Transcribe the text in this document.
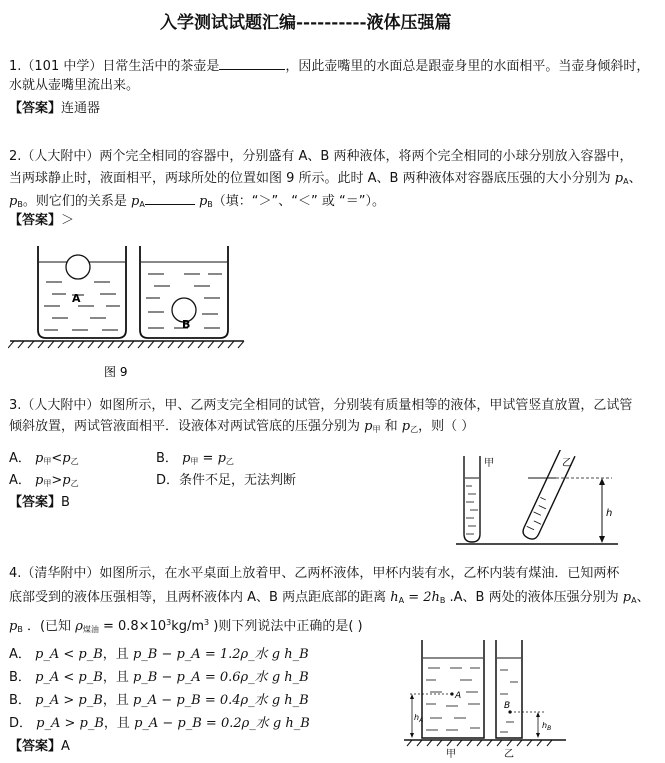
入学测试试题汇编----------液体压强篇
1.（101 中学）日常生活中的茶壶是	，因此壶嘴里的水面总是跟壶身里的水面相平。当壶身倾斜时，
水就从壶嘴里流出来。
【答案】连通器
2.（人大附中）两个完全相同的容器中，分别盛有 A、B 两种液体，将两个完全相同的小球分别放入容器中，
当两球静止时，液面相平，两球所处的位置如图 9 所示。此时 A、B 两种液体对容器底压强的大小分别为 $p_A$、
$p_B$。则它们的关系是 $p_A$	$p_B$（填：“＞”、“＜” 或 “＝”）。
【答案】＞
A
B
图 9
3.（人大附中）如图所示，甲、乙两支完全相同的试管，分别装有质量相等的液体，甲试管竖直放置，乙试管
倾斜放置，两试管液面相平．设液体对两试管底的压强分别为 $p_甲$ 和 $p_乙$，则（ ）
A． $p_甲<p_乙$	B． $p_甲 = p_乙$
A． $p_甲>p_乙$	D．条件不足，无法判断
【答案】B
甲	乙
h
4.（清华附中）如图所示，在水平桌面上放着甲、乙两杯液体，甲杯内装有水，乙杯内装有煤油．已知两杯
底部受到的液体压强相等，且两杯液体内 A、B 两点距底部的距离 $h_A = 2h_B$ .A、B 两处的液体压强分别为 $p_A$、
$p_B$ ．(已知 $\rho_{煤油} = 0.8\times 10^3kg/m^3$ )则下列说法中正确的是( )
A． p_A < p_B，且 p_B − p_A = 1.2ρ_水 g h_B
B． p_A < p_B，且 p_B − p_A = 0.6ρ_水 g h_B
B． p_A > p_B，且 p_A − p_B = 0.4ρ_水 g h_B
D． p_A > p_B，且 p_A − p_B = 0.2ρ_水 g h_B
【答案】A
A
$h_A$
B
$h_B$
甲	乙
